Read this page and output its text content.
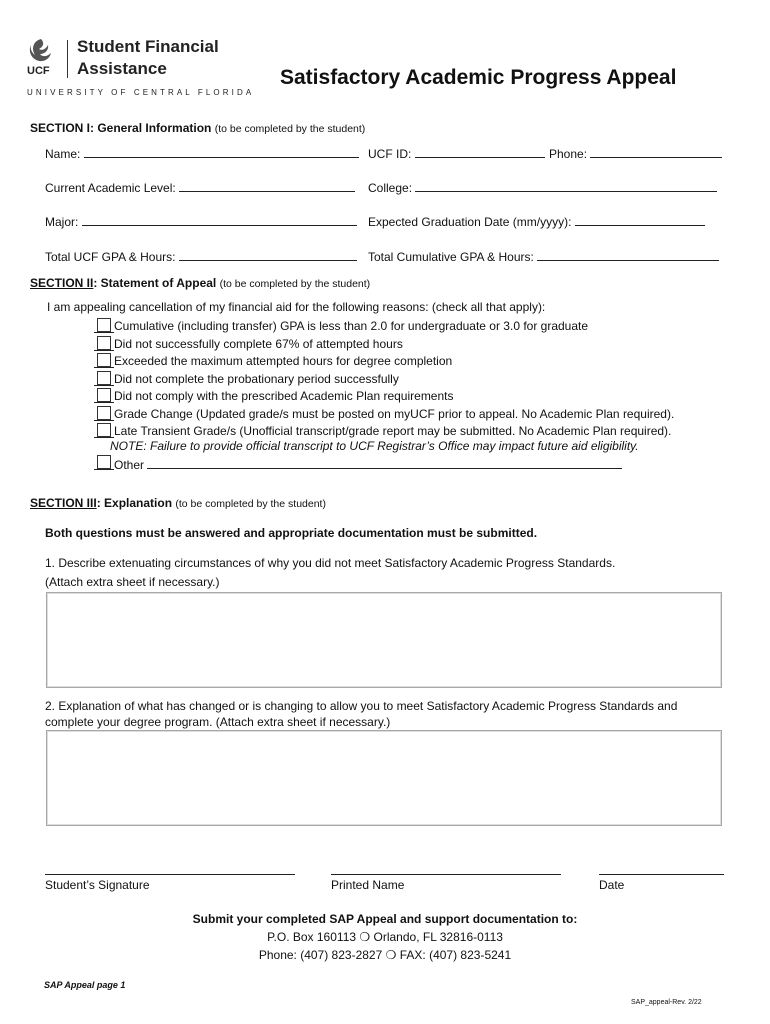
UCF
Student Financial
Assistance
UNIVERSITY OF CENTRAL FLORIDA
Satisfactory Academic Progress Appeal
SECTION I: General Information (to be completed by the student)
Name:	UCF ID:	Phone:
Current Academic Level:	College:
Major:	Expected Graduation Date (mm/yyyy):
Total UCF GPA & Hours:	Total Cumulative GPA & Hours:
SECTION II: Statement of Appeal (to be completed by the student)
I am appealing cancellation of my financial aid for the following reasons: (check all that apply):
Cumulative (including transfer) GPA is less than 2.0 for undergraduate or 3.0 for graduate
Did not successfully complete 67% of attempted hours
Exceeded the maximum attempted hours for degree completion
Did not complete the probationary period successfully
Did not comply with the prescribed Academic Plan requirements
Grade Change (Updated grade/s must be posted on myUCF prior to appeal. No Academic Plan required).
Late Transient Grade/s (Unofficial transcript/grade report may be submitted. No Academic Plan required).
NOTE: Failure to provide official transcript to UCF Registrar’s Office may impact future aid eligibility.
Other
SECTION III: Explanation (to be completed by the student)
Both questions must be answered and appropriate documentation must be submitted.
1. Describe extenuating circumstances of why you did not meet Satisfactory Academic Progress Standards.
(Attach extra sheet if necessary.)
2. Explanation of what has changed or is changing to allow you to meet Satisfactory Academic Progress Standards and
complete your degree program. (Attach extra sheet if necessary.)
Student’s Signature	Printed Name	Date
Submit your completed SAP Appeal and support documentation to:
P.O. Box 160113 ❍ Orlando, FL 32816-0113
Phone: (407) 823-2827 ❍ FAX: (407) 823-5241
SAP Appeal page 1
SAP_appeal-Rev. 2/22
